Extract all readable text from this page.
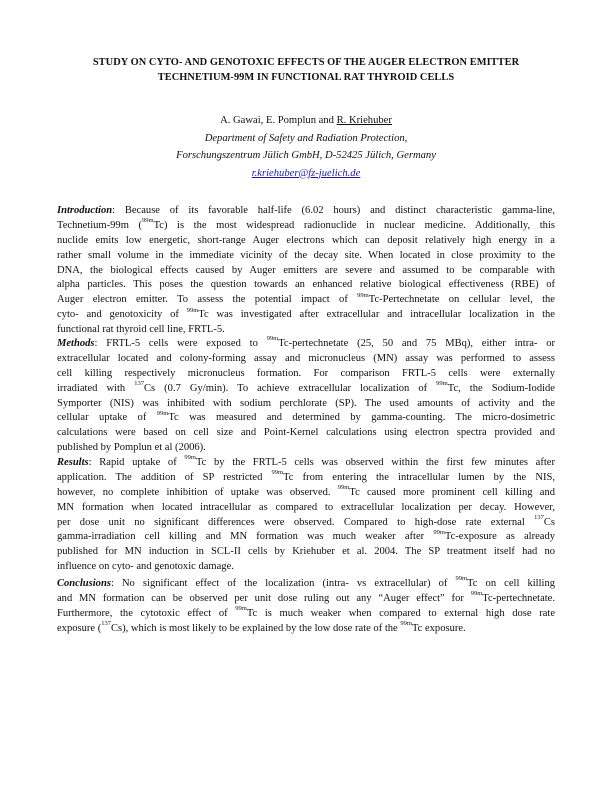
STUDY ON CYTO- AND GENOTOXIC EFFECTS OF THE AUGER ELECTRON EMITTER
TECHNETIUM-99M IN FUNCTIONAL RAT THYROID CELLS
A. Gawai, E. Pomplun and R. Kriehuber
Department of Safety and Radiation Protection,
Forschungszentrum Jülich GmbH, D-52425 Jülich, Germany
r.kriehuber@fz-juelich.de
Introduction: Because of its favorable half-life (6.02 hours) and distinct characteristic gamma-line,
Technetium-99m ($^{99m}$Tc) is the most widespread radionuclide in nuclear medicine. Additionally, this
nuclide emits low energetic, short-range Auger electrons which can deposit relatively high energy in a
rather small volume in the immediate vicinity of the decay site. When located in close proximity to the
DNA, the biological effects caused by Auger emitters are severe and assumed to be comparable with
alpha particles. This poses the question towards an enhanced relative biological effectiveness (RBE) of
Auger electron emitter. To assess the potential impact of $^{99m}$Tc-Pertechnetate on cellular level, the
cyto- and genotoxicity of $^{99m}$Tc was investigated after extracellular and intracellular localization in the
functional rat thyroid cell line, FRTL-5.
Methods: FRTL-5 cells were exposed to $^{99m}$Tc-pertechnetate (25, 50 and 75 MBq), either intra- or
extracellular located and colony-forming assay and micronucleus (MN) assay was performed to assess
cell killing respectively micronucleus formation. For comparison FRTL-5 cells were externally
irradiated with $^{137}$Cs (0.7 Gy/min). To achieve extracellular localization of $^{99m}$Tc, the Sodium-Iodide
Symporter (NIS) was inhibited with sodium perchlorate (SP). The used amounts of activity and the
cellular uptake of $^{99m}$Tc was measured and determined by gamma-counting. The micro-dosimetric
calculations were based on cell size and Point-Kernel calculations using electron spectra provided and
published by Pomplun et al (2006).
Results: Rapid uptake of $^{99m}$Tc by the FRTL-5 cells was observed within the first few minutes after
application. The addition of SP restricted $^{99m}$Tc from entering the intracellular lumen by the NIS,
however, no complete inhibition of uptake was observed. $^{99m}$Tc caused more prominent cell killing and
MN formation when located intracellular as compared to extracellular localization per decay. However,
per dose unit no significant differences were observed. Compared to high-dose rate external $^{137}$Cs
gamma-irradiation cell killing and MN formation was much weaker after $^{99m}$Tc-exposure as already
published for MN induction in SCL-II cells by Kriehuber et al. 2004. The SP treatment itself had no
influence on cyto- and genotoxic damage.
Conclusions: No significant effect of the localization (intra- vs extracellular) of $^{99m}$Tc on cell killing
and MN formation can be observed per unit dose ruling out any “Auger effect” for $^{99m}$Tc-pertechnetate.
Furthermore, the cytotoxic effect of $^{99m}$Tc is much weaker when compared to external high dose rate
exposure ($^{137}$Cs), which is most likely to be explained by the low dose rate of the $^{99m}$Tc exposure.
